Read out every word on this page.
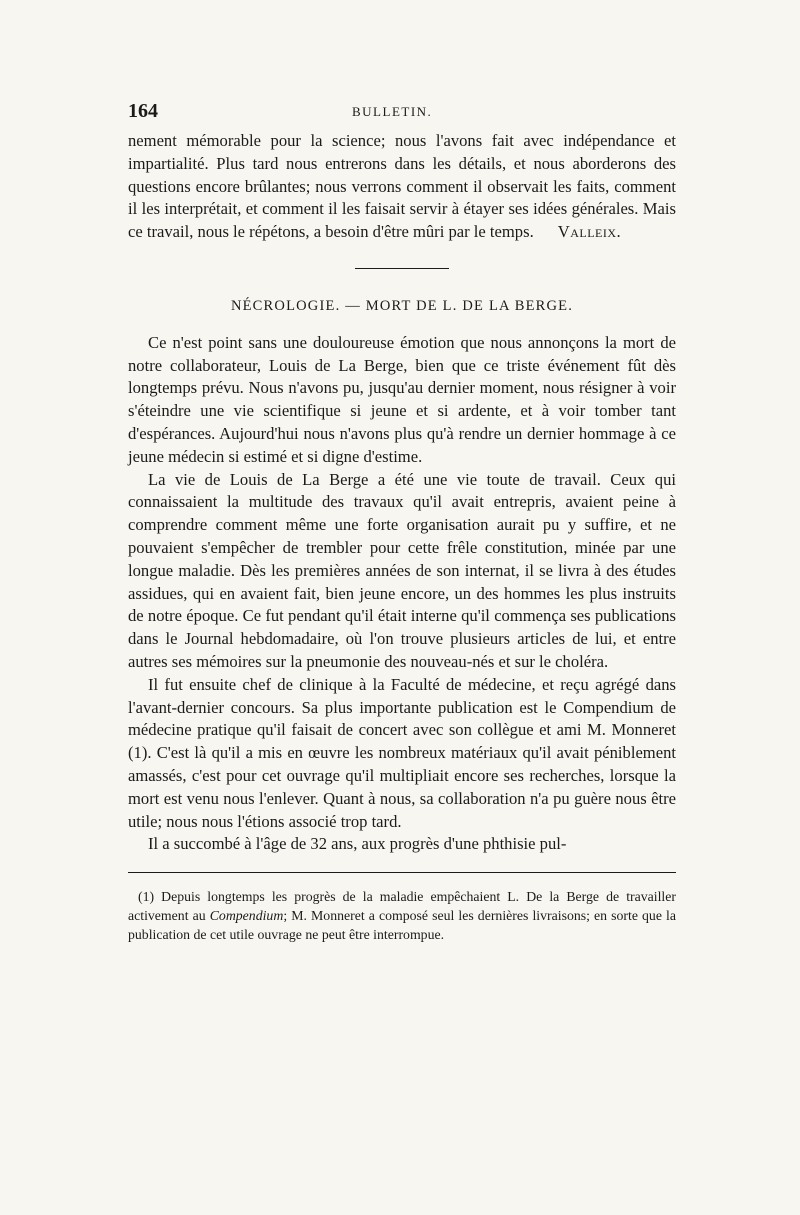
164	BULLETIN.

nement mémorable pour la science; nous l'avons fait avec indépendance et impartialité. Plus tard nous entrerons dans les détails, et nous aborderons des questions encore brûlantes; nous verrons comment il observait les faits, comment il les interprétait, et comment il les faisait servir à étayer ses idées générales. Mais ce travail, nous le répétons, a besoin d'être mûri par le temps. Valleix.

NÉCROLOGIE. — MORT DE L. DE LA BERGE.

Ce n'est point sans une douloureuse émotion que nous annonçons la mort de notre collaborateur, Louis de La Berge, bien que ce triste événement fût dès longtemps prévu. Nous n'avons pu, jusqu'au dernier moment, nous résigner à voir s'éteindre une vie scientifique si jeune et si ardente, et à voir tomber tant d'espérances. Aujourd'hui nous n'avons plus qu'à rendre un dernier hommage à ce jeune médecin si estimé et si digne d'estime.

La vie de Louis de La Berge a été une vie toute de travail. Ceux qui connaissaient la multitude des travaux qu'il avait entrepris, avaient peine à comprendre comment même une forte organisation aurait pu y suffire, et ne pouvaient s'empêcher de trembler pour cette frêle constitution, minée par une longue maladie. Dès les premières années de son internat, il se livra à des études assidues, qui en avaient fait, bien jeune encore, un des hommes les plus instruits de notre époque. Ce fut pendant qu'il était interne qu'il commença ses publications dans le Journal hebdomadaire, où l'on trouve plusieurs articles de lui, et entre autres ses mémoires sur la pneumonie des nouveau-nés et sur le choléra.

Il fut ensuite chef de clinique à la Faculté de médecine, et reçu agrégé dans l'avant-dernier concours. Sa plus importante publication est le Compendium de médecine pratique qu'il faisait de concert avec son collègue et ami M. Monneret (1). C'est là qu'il a mis en œuvre les nombreux matériaux qu'il avait péniblement amassés, c'est pour cet ouvrage qu'il multipliait encore ses recherches, lorsque la mort est venu nous l'enlever. Quant à nous, sa collaboration n'a pu guère nous être utile; nous nous l'étions associé trop tard.

Il a succombé à l'âge de 32 ans, aux progrès d'une phthisie pul-

(1) Depuis longtemps les progrès de la maladie empêchaient L. De la Berge de travailler activement au Compendium; M. Monneret a composé seul les dernières livraisons; en sorte que la publication de cet utile ouvrage ne peut être interrompue.
